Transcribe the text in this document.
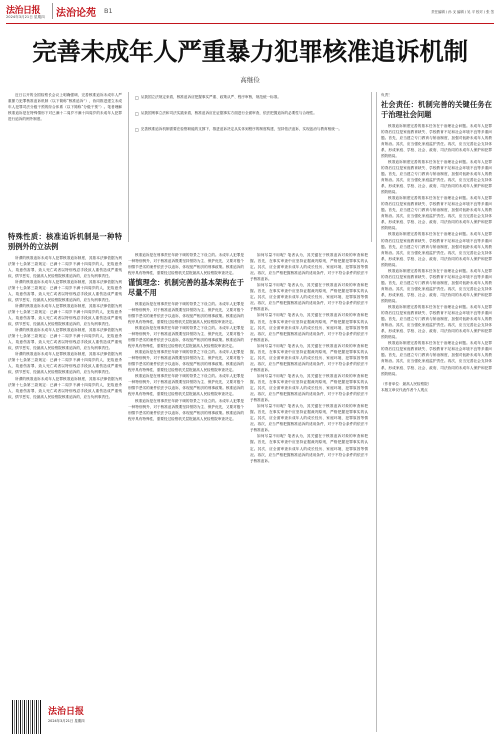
法治日报
2024年3月21日 星期四 法治论苑 B1	责任编辑 / 孙 戈 编辑 / 吴 平 校对 / 张 签
完善未成年人严重暴力犯罪核准追诉机制
高继俭

近日召开的全国检察长会议上明确强调，完善核准追诉未成年人严重暴力犯罪核准追诉机制（以下简称“核准追诉”），协同推进建立未成年人犯罪司法分级干预的综合体系（以下简称“分级干预”）。笔者理解核准追诉是在特殊情形下对已满十二周岁不满十四周岁的未成年人犯罪进行追诉的例外制度。

□ 从我国立法规定来看，核准追诉应把握事实严重、政策从严、程序审核，规范统一标准。
□ 从我国刑事立法和司法实践来看，核准追诉应在证据事实方面进行全面审查，依法把握追诉的必要性与合理性。
□ 完善核准追诉机制需要在检察职能的支撑下，推进追诉决定从实体到程序的制度构建，坚持依法追诉，实现惩治与教育相统一。
特殊性质：核准追诉机制是一种特别例外的立法例

所谓的核准追诉未成年人犯罪核准追诉制度，其基本法律依据为刑法第十七条第三款规定：已满十二周岁不满十四周岁的人，犯故意杀人、故意伤害罪，致人死亡或者以特别残忍手段致人重伤造成严重残疾，情节恶劣，经最高人民检察院核准追诉的，应当负刑事责任。

所谓的核准追诉未成年人犯罪核准追诉制度，其基本法律依据为刑法第十七条第三款规定：已满十二周岁不满十四周岁的人，犯故意杀人、故意伤害罪，致人死亡或者以特别残忍手段致人重伤造成严重残疾，情节恶劣，经最高人民检察院核准追诉的，应当负刑事责任。

所谓的核准追诉未成年人犯罪核准追诉制度，其基本法律依据为刑法第十七条第三款规定：已满十二周岁不满十四周岁的人，犯故意杀人、故意伤害罪，致人死亡或者以特别残忍手段致人重伤造成严重残疾，情节恶劣，经最高人民检察院核准追诉的，应当负刑事责任。

所谓的核准追诉未成年人犯罪核准追诉制度，其基本法律依据为刑法第十七条第三款规定：已满十二周岁不满十四周岁的人，犯故意杀人、故意伤害罪，致人死亡或者以特别残忍手段致人重伤造成严重残疾，情节恶劣，经最高人民检察院核准追诉的，应当负刑事责任。

所谓的核准追诉未成年人犯罪核准追诉制度，其基本法律依据为刑法第十七条第三款规定：已满十二周岁不满十四周岁的人，犯故意杀人、故意伤害罪，致人死亡或者以特别残忍手段致人重伤造成严重残疾，情节恶劣，经最高人民检察院核准追诉的，应当负刑事责任。

所谓的核准追诉未成年人犯罪核准追诉制度，其基本法律依据为刑法第十七条第三款规定：已满十二周岁不满十四周岁的人，犯故意杀人、故意伤害罪，致人死亡或者以特别残忍手段致人重伤造成严重残疾，情节恶劣，经最高人民检察院核准追诉的，应当负刑事责任。

核准追诉是在刑事责任年龄下调的背景之下设立的。未成年人犯罪是一种特别例外，对于核准追诉既要坚持预防为主、保护优先，又要对极个别情节恶劣的案件依法予以追诉，体现宽严相济的刑事政策。核准追诉的程序具有特殊性，需要经过检察机关层报最高人民检察院审查决定。

谨慎理念：机制完善的基本架构在于尽量不用

核准追诉是在刑事责任年龄下调的背景之下设立的。未成年人犯罪是一种特别例外，对于核准追诉既要坚持预防为主、保护优先，又要对极个别情节恶劣的案件依法予以追诉，体现宽严相济的刑事政策。核准追诉的程序具有特殊性，需要经过检察机关层报最高人民检察院审查决定。

核准追诉是在刑事责任年龄下调的背景之下设立的。未成年人犯罪是一种特别例外，对于核准追诉既要坚持预防为主、保护优先，又要对极个别情节恶劣的案件依法予以追诉，体现宽严相济的刑事政策。核准追诉的程序具有特殊性，需要经过检察机关层报最高人民检察院审查决定。

核准追诉是在刑事责任年龄下调的背景之下设立的。未成年人犯罪是一种特别例外，对于核准追诉既要坚持预防为主、保护优先，又要对极个别情节恶劣的案件依法予以追诉，体现宽严相济的刑事政策。核准追诉的程序具有特殊性，需要经过检察机关层报最高人民检察院审查决定。

核准追诉是在刑事责任年龄下调的背景之下设立的。未成年人犯罪是一种特别例外，对于核准追诉既要坚持预防为主、保护优先，又要对极个别情节恶劣的案件依法予以追诉，体现宽严相济的刑事政策。核准追诉的程序具有特殊性，需要经过检察机关层报最高人民检察院审查决定。

核准追诉是在刑事责任年龄下调的背景之下设立的。未成年人犯罪是一种特别例外，对于核准追诉既要坚持预防为主、保护优先，又要对极个别情节恶劣的案件依法予以追诉，体现宽严相济的刑事政策。核准追诉的程序具有特殊性，需要经过检察机关层报最高人民检察院审查决定。

如何尽量不用呢？笔者认为，其关键在于核准追诉对象的审查和把握。首先，在事实审查中应坚持证据裁判原则，严格把握犯罪事实的认定。其次，应全面审查未成年人的成长经历、家庭环境、犯罪原因等情况。再次，应当严格把握核准追诉的适用条件，对于不符合条件的依法不予核准追诉。

如何尽量不用呢？笔者认为，其关键在于核准追诉对象的审查和把握。首先，在事实审查中应坚持证据裁判原则，严格把握犯罪事实的认定。其次，应全面审查未成年人的成长经历、家庭环境、犯罪原因等情况。再次，应当严格把握核准追诉的适用条件，对于不符合条件的依法不予核准追诉。

如何尽量不用呢？笔者认为，其关键在于核准追诉对象的审查和把握。首先，在事实审查中应坚持证据裁判原则，严格把握犯罪事实的认定。其次，应全面审查未成年人的成长经历、家庭环境、犯罪原因等情况。再次，应当严格把握核准追诉的适用条件，对于不符合条件的依法不予核准追诉。

如何尽量不用呢？笔者认为，其关键在于核准追诉对象的审查和把握。首先，在事实审查中应坚持证据裁判原则，严格把握犯罪事实的认定。其次，应全面审查未成年人的成长经历、家庭环境、犯罪原因等情况。再次，应当严格把握核准追诉的适用条件，对于不符合条件的依法不予核准追诉。

如何尽量不用呢？笔者认为，其关键在于核准追诉对象的审查和把握。首先，在事实审查中应坚持证据裁判原则，严格把握犯罪事实的认定。其次，应全面审查未成年人的成长经历、家庭环境、犯罪原因等情况。再次，应当严格把握核准追诉的适用条件，对于不符合条件的依法不予核准追诉。

如何尽量不用呢？笔者认为，其关键在于核准追诉对象的审查和把握。首先，在事实审查中应坚持证据裁判原则，严格把握犯罪事实的认定。其次，应全面审查未成年人的成长经历、家庭环境、犯罪原因等情况。再次，应当严格把握核准追诉的适用条件，对于不符合条件的依法不予核准追诉。

如何尽量不用呢？笔者认为，其关键在于核准追诉对象的审查和把握。首先，在事实审查中应坚持证据裁判原则，严格把握犯罪事实的认定。其次，应全面审查未成年人的成长经历、家庭环境、犯罪原因等情况。再次，应当严格把握核准追诉的适用条件，对于不符合条件的依法不予核准追诉。

负责！

社会责任：机制完善的关键任务在于治理社会问题

核准追诉制度完善的基本任务在于治理社会问题。未成年人犯罪的背后往往是家庭教育缺失、学校教育不足和社会环境不良等多重问题。首先，应当建立专门教育与矫治制度，加强对低龄未成年人的教育矫治。其次，应当强化家庭监护责任。再次，应当完善社会支持体系，形成家庭、学校、社会、政府、司法协同的未成年人保护和犯罪预防格局。

核准追诉制度完善的基本任务在于治理社会问题。未成年人犯罪的背后往往是家庭教育缺失、学校教育不足和社会环境不良等多重问题。首先，应当建立专门教育与矫治制度，加强对低龄未成年人的教育矫治。其次，应当强化家庭监护责任。再次，应当完善社会支持体系，形成家庭、学校、社会、政府、司法协同的未成年人保护和犯罪预防格局。

核准追诉制度完善的基本任务在于治理社会问题。未成年人犯罪的背后往往是家庭教育缺失、学校教育不足和社会环境不良等多重问题。首先，应当建立专门教育与矫治制度，加强对低龄未成年人的教育矫治。其次，应当强化家庭监护责任。再次，应当完善社会支持体系，形成家庭、学校、社会、政府、司法协同的未成年人保护和犯罪预防格局。

核准追诉制度完善的基本任务在于治理社会问题。未成年人犯罪的背后往往是家庭教育缺失、学校教育不足和社会环境不良等多重问题。首先，应当建立专门教育与矫治制度，加强对低龄未成年人的教育矫治。其次，应当强化家庭监护责任。再次，应当完善社会支持体系，形成家庭、学校、社会、政府、司法协同的未成年人保护和犯罪预防格局。

核准追诉制度完善的基本任务在于治理社会问题。未成年人犯罪的背后往往是家庭教育缺失、学校教育不足和社会环境不良等多重问题。首先，应当建立专门教育与矫治制度，加强对低龄未成年人的教育矫治。其次，应当强化家庭监护责任。再次，应当完善社会支持体系，形成家庭、学校、社会、政府、司法协同的未成年人保护和犯罪预防格局。

核准追诉制度完善的基本任务在于治理社会问题。未成年人犯罪的背后往往是家庭教育缺失、学校教育不足和社会环境不良等多重问题。首先，应当建立专门教育与矫治制度，加强对低龄未成年人的教育矫治。其次，应当强化家庭监护责任。再次，应当完善社会支持体系，形成家庭、学校、社会、政府、司法协同的未成年人保护和犯罪预防格局。

核准追诉制度完善的基本任务在于治理社会问题。未成年人犯罪的背后往往是家庭教育缺失、学校教育不足和社会环境不良等多重问题。首先，应当建立专门教育与矫治制度，加强对低龄未成年人的教育矫治。其次，应当强化家庭监护责任。再次，应当完善社会支持体系，形成家庭、学校、社会、政府、司法协同的未成年人保护和犯罪预防格局。

（作者单位：最高人民检察院）
本版文章仅代表作者个人观点
法治日报
2024年3月21日 星期四
